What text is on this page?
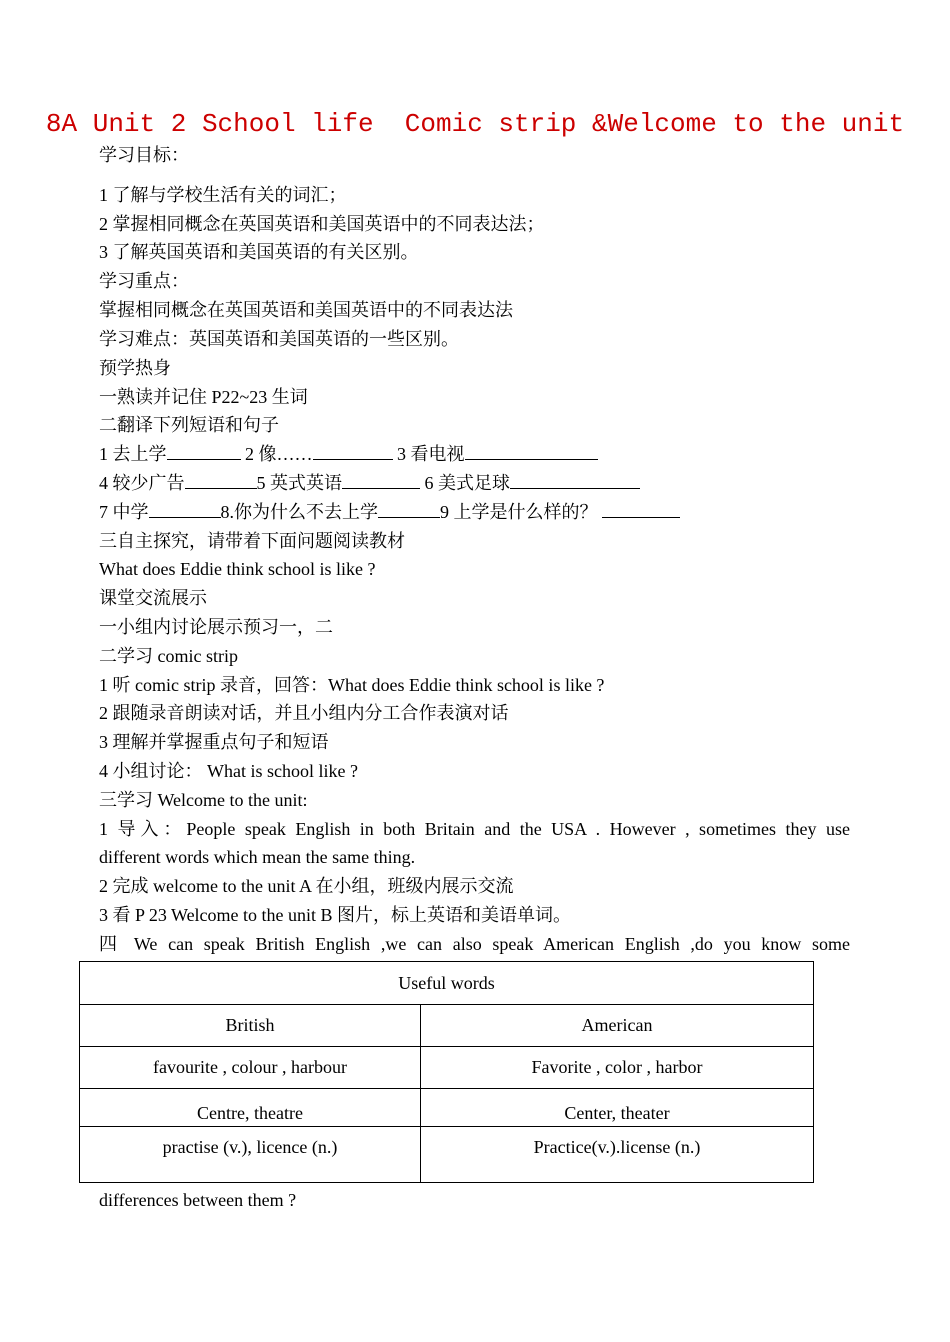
8A Unit 2 School life  Comic strip &Welcome to the unit
学习目标：
1 了解与学校生活有关的词汇；
2 掌握相同概念在英国英语和美国英语中的不同表达法；
3 了解英国英语和美国英语的有关区别。
学习重点：
掌握相同概念在英国英语和美国英语中的不同表达法
学习难点：英国英语和美国英语的一些区别。
预学热身
一熟读并记住 P22~23 生词
二翻译下列短语和句子
1 去上学	2 像……	3 看电视
4 较少广告	5 英式英语	6 美式足球
7 中学	8.你为什么不去上学	9 上学是什么样的？
三自主探究，请带着下面问题阅读教材
What does Eddie think school is like ?
课堂交流展示
一小组内讨论展示预习一，二
二学习 comic strip
1 听 comic strip 录音，回答：What does Eddie think school is like ?
2 跟随录音朗读对话，并且小组内分工合作表演对话
3 理解并掌握重点句子和短语
4 小组讨论： What is school like ?
三学习 Welcome to the unit:
1 导入：People speak English in both Britain and the USA . However , sometimes they use
different words which mean the same thing.
2 完成 welcome to the unit A 在小组，班级内展示交流
3 看 P 23 Welcome to the unit B 图片，标上英语和美语单词。
四 We can speak British English ,we can also speak American English ,do you know some
Useful words	
British	American
favourite , colour , harbour	Favorite , color , harbor
Centre, theatre	Center, theater
practise (v.), licence (n.)	Practice(v.).license (n.)
differences between them ?
